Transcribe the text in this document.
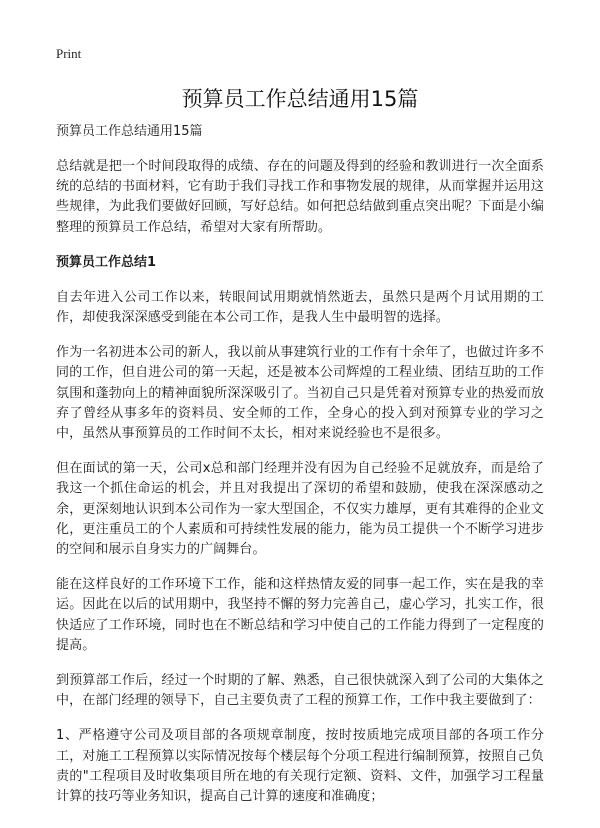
Print
预算员工作总结通用15篇

预算员工作总结通用15篇

总结就是把一个时间段取得的成绩、存在的问题及得到的经验和教训进行一次全面系统的总结的书面材料，它有助于我们寻找工作和事物发展的规律，从而掌握并运用这些规律，为此我们要做好回顾，写好总结。如何把总结做到重点突出呢？下面是小编整理的预算员工作总结，希望对大家有所帮助。

预算员工作总结1

自去年进入公司工作以来，转眼间试用期就悄然逝去，虽然只是两个月试用期的工作，却使我深深感受到能在本公司工作，是我人生中最明智的选择。

作为一名初进本公司的新人，我以前从事建筑行业的工作有十余年了，也做过许多不同的工作，但自进公司的第一天起，还是被本公司辉煌的工程业绩、团结互助的工作氛围和蓬勃向上的精神面貌所深深吸引了。当初自己只是凭着对预算专业的热爱而放弃了曾经从事多年的资料员、安全师的工作，全身心的投入到对预算专业的学习之中，虽然从事预算员的工作时间不太长，相对来说经验也不是很多。

但在面试的第一天，公司x总和部门经理并没有因为自己经验不足就放弃，而是给了我这一个抓住命运的机会，并且对我提出了深切的希望和鼓励，使我在深深感动之余，更深刻地认识到本公司作为一家大型国企，不仅实力雄厚，更有其难得的企业文化，更注重员工的个人素质和可持续性发展的能力，能为员工提供一个不断学习进步的空间和展示自身实力的广阔舞台。

能在这样良好的工作环境下工作，能和这样热情友爱的同事一起工作，实在是我的幸运。因此在以后的试用期中，我坚持不懈的努力完善自己，虚心学习，扎实工作，很快适应了工作环境，同时也在不断总结和学习中使自己的工作能力得到了一定程度的提高。

到预算部工作后，经过一个时期的了解、熟悉，自己很快就深入到了公司的大集体之中，在部门经理的领导下，自己主要负责了工程的预算工作，工作中我主要做到了：

1、严格遵守公司及项目部的各项规章制度，按时按质地完成项目部的各项工作分工，对施工工程预算以实际情况按每个楼层每个分项工程进行编制预算，按照自己负责的"工程项目及时收集项目所在地的有关现行定额、资料、文件，加强学习工程量计算的技巧等业务知识，提高自己计算的速度和准确度；
